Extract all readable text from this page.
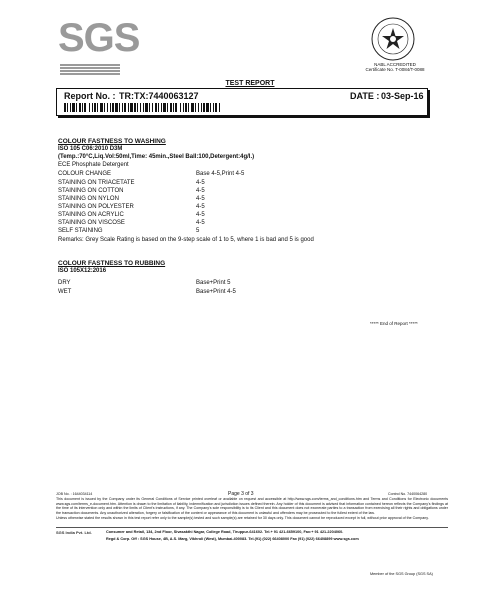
SGS
NABL ACCREDITED
Certificate No. T-0084/T-0088
TEST REPORT
Report No. : TR:TX:7440063127	DATE : 03-Sep-16
COLOUR FASTNESS TO WASHING
ISO 105 C06:2010 D3M
(Temp.:70°C,Liq.Vol:50ml,Time: 45min.,Steel Ball:100,Detergent:4g/l.)
ECE Phosphate Detergent
COLOUR CHANGE	Base 4-5,Print 4-5
STAINING ON TRIACETATE	4-5
STAINING ON COTTON	4-5
STAINING ON NYLON	4-5
STAINING ON POLYESTER	4-5
STAINING ON ACRYLIC	4-5
STAINING ON VISCOSE	4-5
SELF STAINING	5
Remarks: Grey Scale Rating is based on the 9-step scale of 1 to 5, where 1 is bad and 5 is good
COLOUR FASTNESS TO RUBBING
ISO 105X12:2016
DRY	Base+Print 5
WET	Base+Print 4-5
***** End of Report *****
JOB No. : 1644034114	Page 3 of 3	Control No. 7440064280
This document is issued by the Company under its General Conditions of Service printed overleaf or available on request and accessible at http://www.sgs.com/terms_and_conditions.htm and Terms and Conditions for Electronic documents www.sgs.com/terms_e-document.htm. Attention is drawn to the limitation of liability, indemnification and jurisdiction issues defined therein. Any holder of this document is advised that information contained hereon reflects the Company's findings at the time of its intervention only and within the limits of Client's instructions, if any. The Company's sole responsibility is to its Client and this document does not exonerate parties to a transaction from exercising all their rights and obligations under the transaction documents. Any unauthorized alteration, forgery or falsification of the content or appearance of this document is unlawful and offenders may be prosecuted to the fullest extent of the law.
Unless otherwise stated the results shown in this test report refer only to the sample(s) tested and such sample(s) are retained for 30 days only. This document cannot be reproduced except in full, without prior approval of the Company.
SGS India Pvt. Ltd.	Consumer and Retail, 134, 2nd Floor, Sivasakthi Nagar, College Road, Tiruppur-641602. Tel.+ 91 421-6659100, Fax:+ 91 421-2204060.
Regd & Corp. Off : SGS House, 4B, A.S. Marg, Vikhroli (West), Mumbai-400083. Tel.(91) (022) 66408000 Fax (91) (022) 66408899 www.sgs.com
Member of the SGS Group (SGS SA)
